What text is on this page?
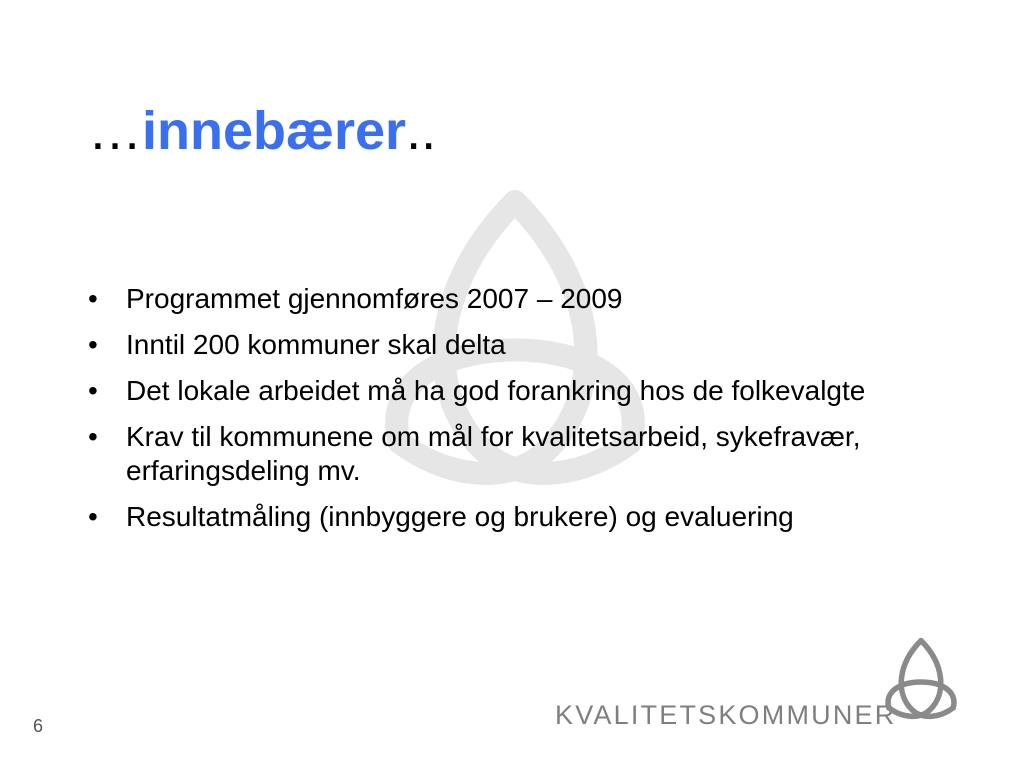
…innebærer..
•	Programmet gjennomføres 2007 – 2009
•	Inntil 200 kommuner skal delta
•	Det lokale arbeidet må ha god forankring hos de folkevalgte
•	Krav til kommunene om mål for kvalitetsarbeid, sykefravær, erfaringsdeling mv.
•	Resultatmåling (innbyggere og brukere) og evaluering
6	KVALITETSKOMMUNER
